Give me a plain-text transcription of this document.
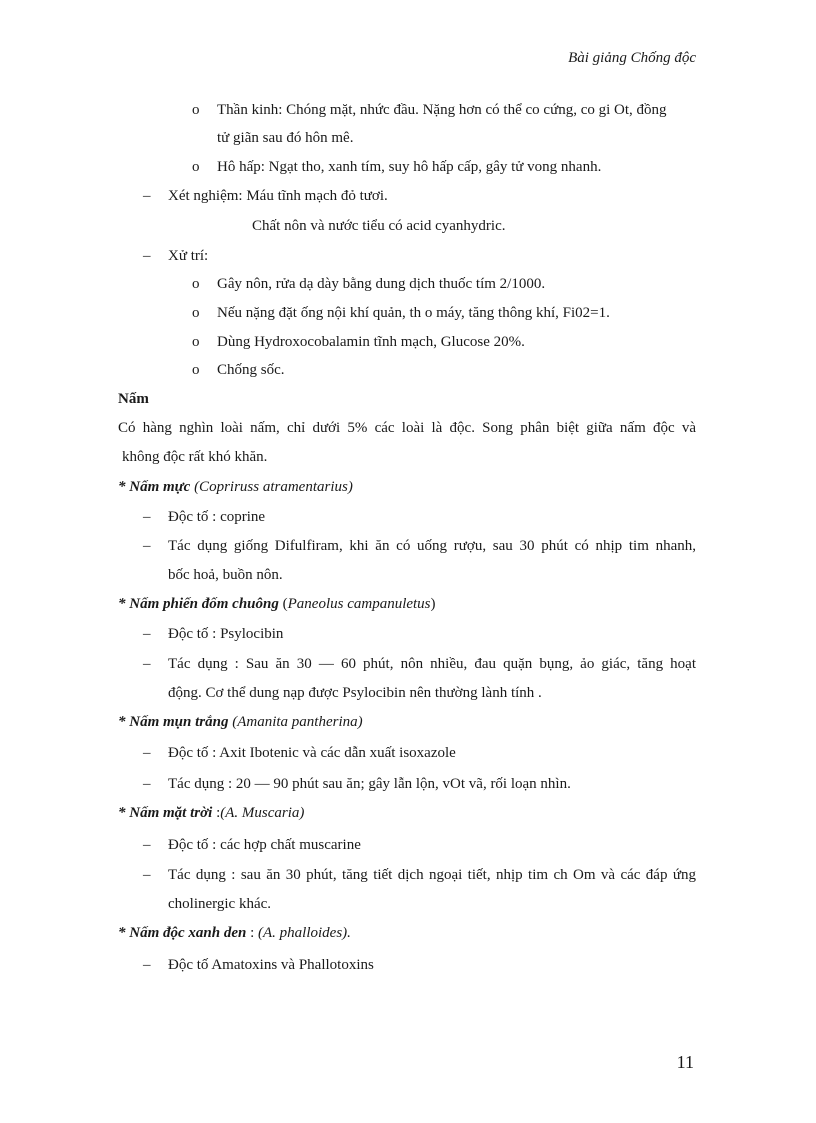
Bài giảng Chống độc
o Thần kinh: Chóng mặt, nhức đầu. Nặng hơn có thể co cứng, co gi Ot, đồng
tử giãn sau đó hôn mê.
o Hô hấp: Ngạt tho, xanh tím, suy hô hấp cấp, gây tử vong nhanh.
– Xét nghiệm: Máu tĩnh mạch đỏ tươi.
Chất nôn và nước tiểu có acid cyanhydric.
– Xử trí:
o Gây nôn, rửa dạ dày bằng dung dịch thuốc tím 2/1000.
o Nếu nặng đặt ống nội khí quản, th o máy, tăng thông khí, Fi02=1.
o Dùng Hydroxocobalamin tĩnh mạch, Glucose 20%.
o Chống sốc.
Nấm
Có hàng nghìn loài nấm, chỉ dưới 5% các loài là độc. Song phân biệt giữa nấm độc và
không độc rất khó khăn.
* Nấm mực (Copriruss atramentarius)
– Độc tố : coprine
– Tác dụng giống Difulfiram, khi ăn có uống rượu, sau 30 phút có nhịp tim nhanh,
bốc hoả, buồn nôn.
* Nấm phiến đốm chuông (Paneolus campanuletus)
– Độc tố : Psylocibin
– Tác dụng : Sau ăn 30 — 60 phút, nôn nhiều, đau quặn bụng, ảo giác, tăng hoạt
động. Cơ thể dung nạp được Psylocibin nên thường lành tính .
* Nấm mụn trắng (Amanita pantherina)
– Độc tố : Axit Ibotenic và các dẫn xuất isoxazole
– Tác dụng : 20 — 90 phút sau ăn; gây lẫn lộn, vOt vã, rối loạn nhìn.
* Nấm mặt trời :(A. Muscaria)
– Độc tố : các hợp chất muscarine
– Tác dụng : sau ăn 30 phút, tăng tiết dịch ngoại tiết, nhịp tim ch Om và các đáp ứng
cholinergic khác.
* Nấm độc xanh den : (A. phalloides).
– Độc tố Amatoxins và Phallotoxins
11
